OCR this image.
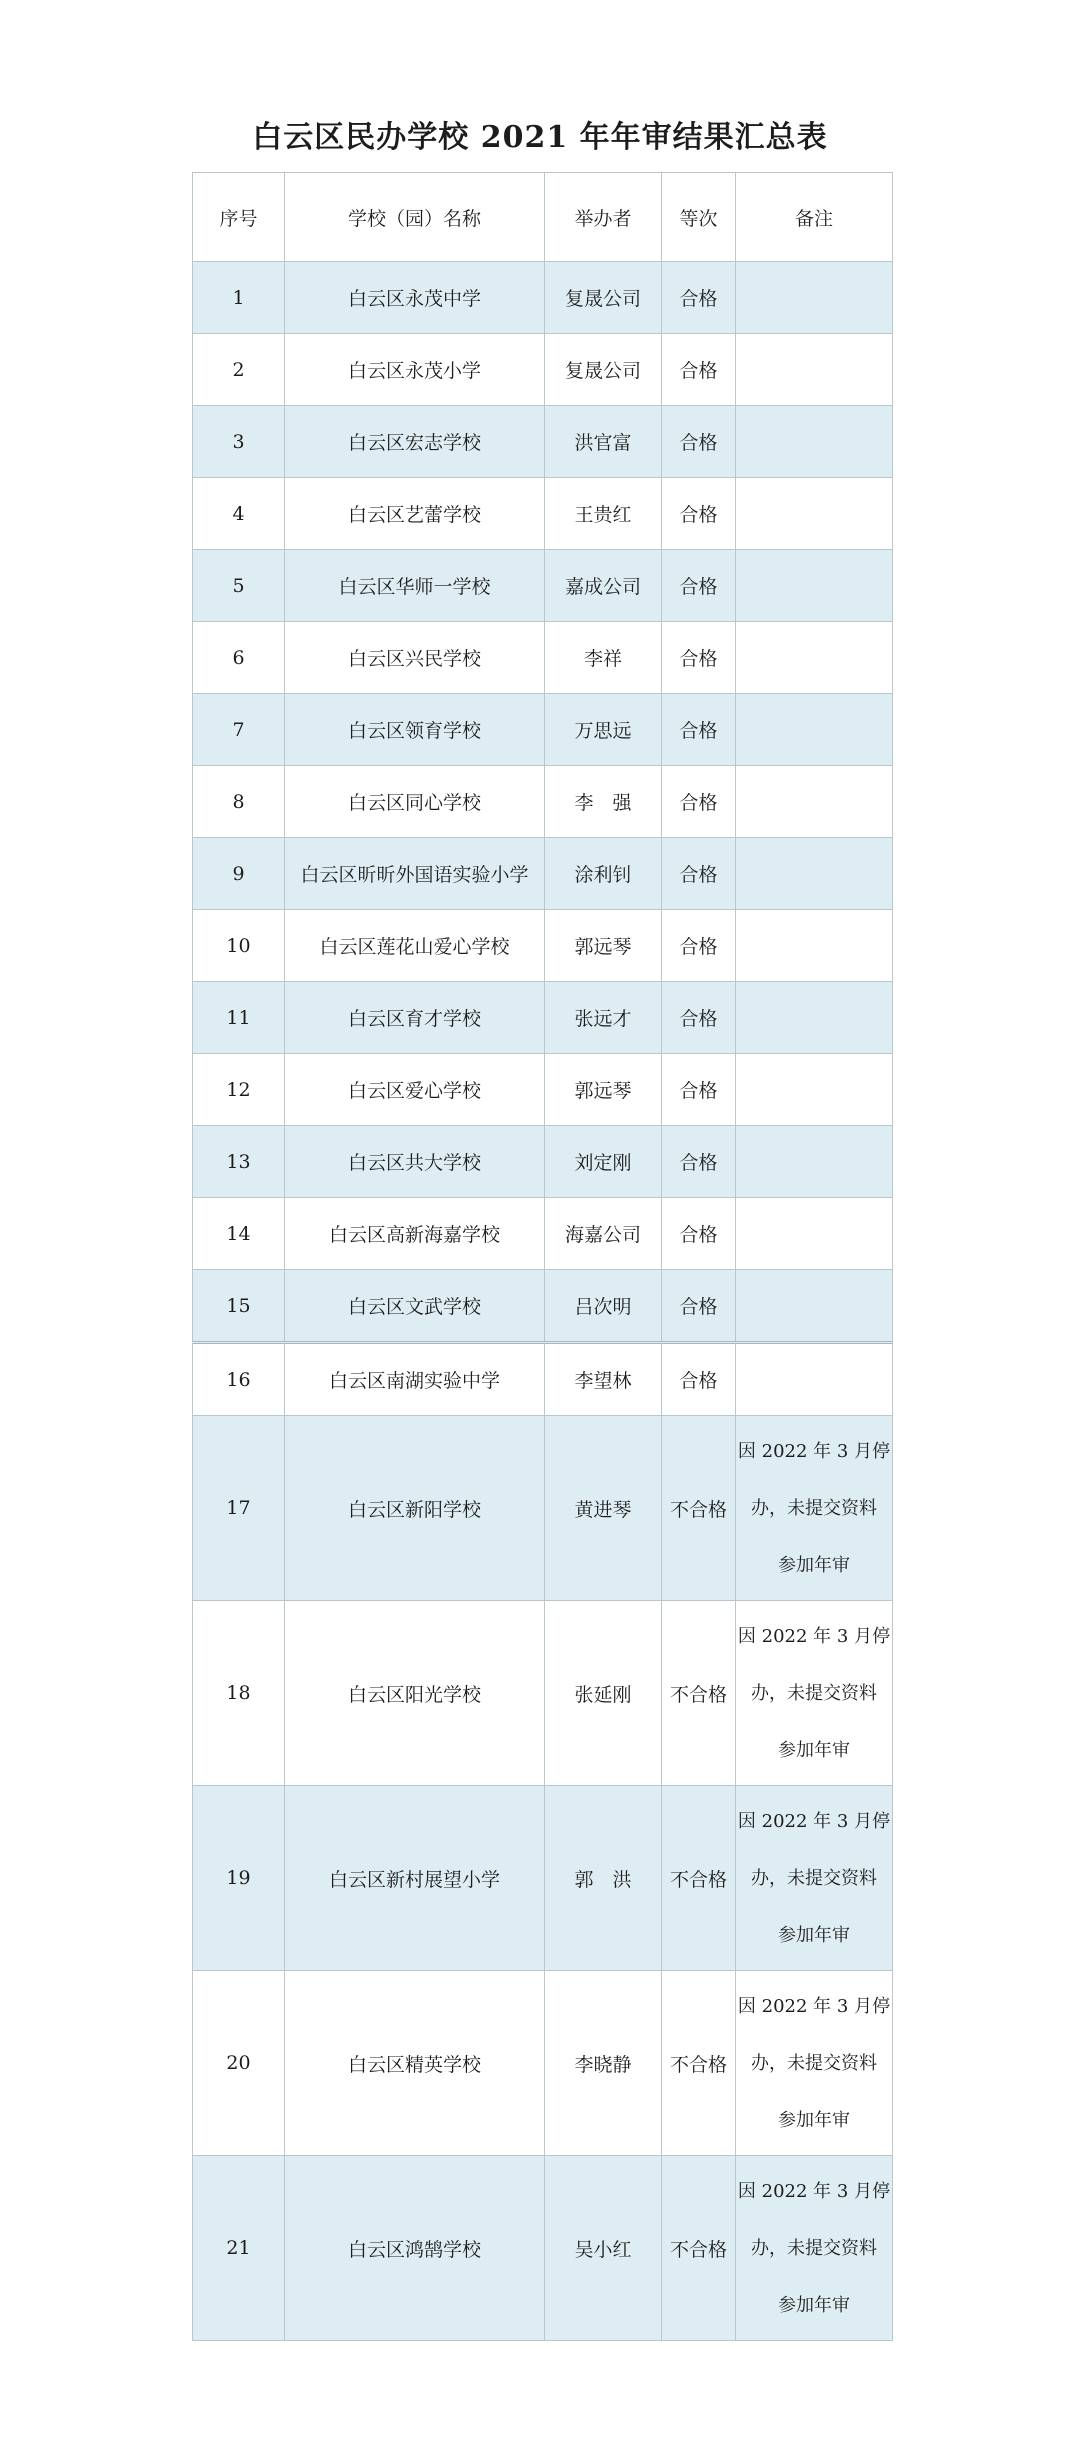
白云区民办学校 2021 年年审结果汇总表
序号	学校（园）名称	举办者	等次	备注
1	白云区永茂中学	复晟公司	合格	
2	白云区永茂小学	复晟公司	合格	
3	白云区宏志学校	洪官富	合格	
4	白云区艺蕾学校	王贵红	合格	
5	白云区华师一学校	嘉成公司	合格	
6	白云区兴民学校	李祥	合格	
7	白云区领育学校	万思远	合格	
8	白云区同心学校	李　强	合格	
9	白云区昕昕外国语实验小学	涂利钊	合格	
10	白云区莲花山爱心学校	郭远琴	合格	
11	白云区育才学校	张远才	合格	
12	白云区爱心学校	郭远琴	合格	
13	白云区共大学校	刘定刚	合格	
14	白云区高新海嘉学校	海嘉公司	合格	
15	白云区文武学校	吕次明	合格	
16	白云区南湖实验中学	李望林	合格	
17	白云区新阳学校	黄进琴	不合格	因 2022 年 3 月停
办，未提交资料
参加年审

18	白云区阳光学校	张延刚	不合格	因 2022 年 3 月停
办，未提交资料
参加年审

19	白云区新村展望小学	郭　洪	不合格	因 2022 年 3 月停
办，未提交资料
参加年审

20	白云区精英学校	李晓静	不合格	因 2022 年 3 月停
办，未提交资料
参加年审

21	白云区鸿鹄学校	吴小红	不合格	因 2022 年 3 月停
办，未提交资料
参加年审
